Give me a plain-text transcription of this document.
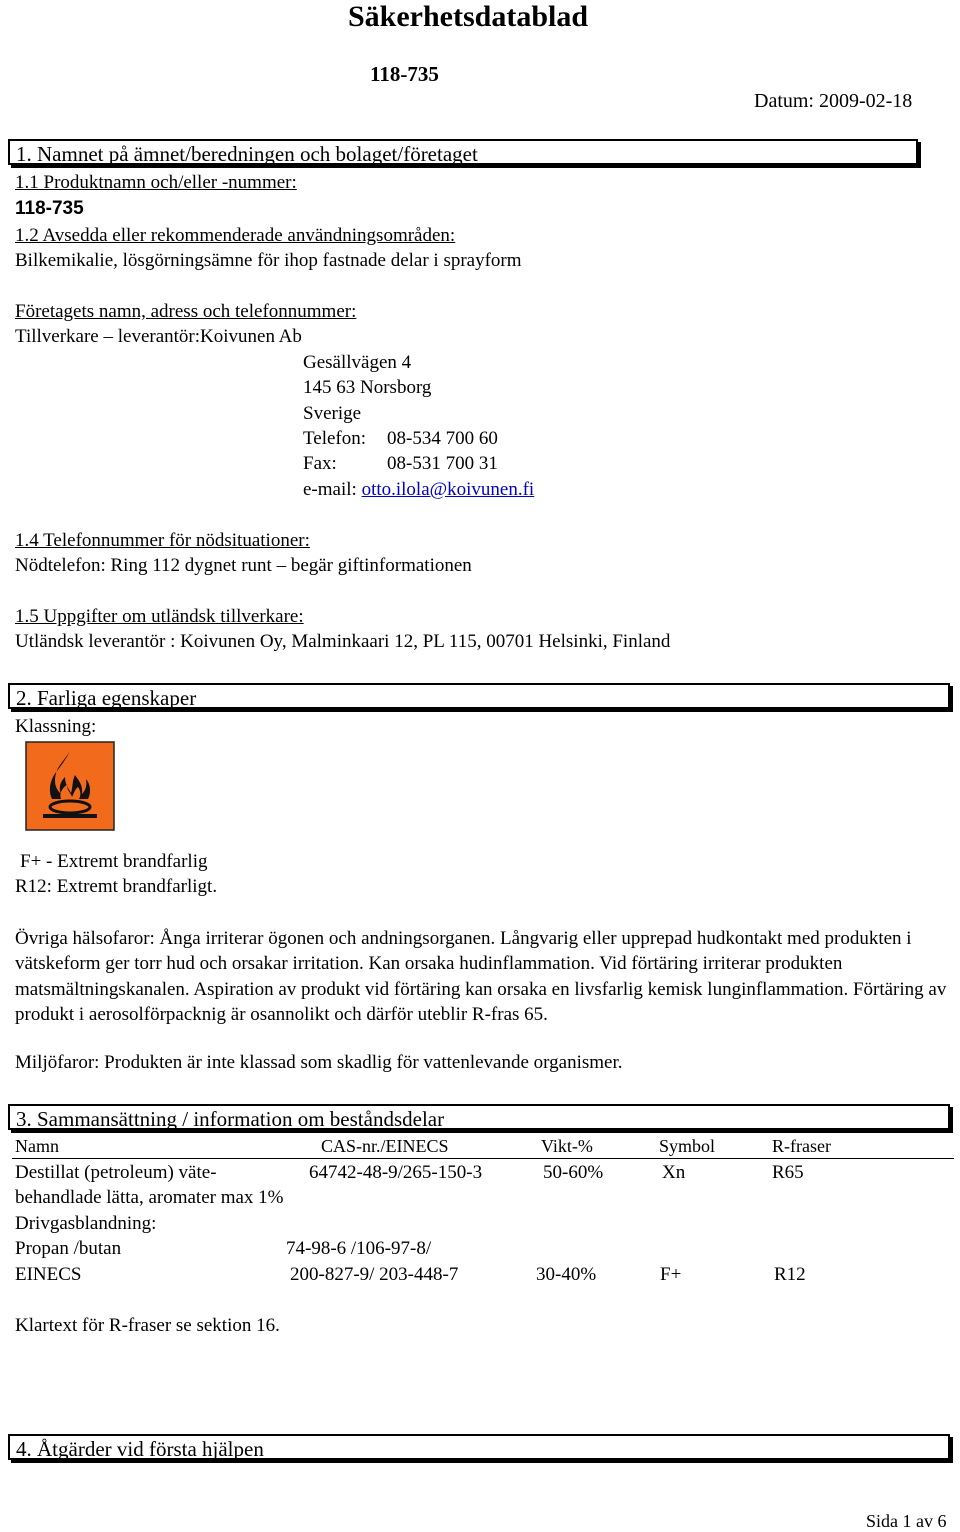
Säkerhetsdatablad
118-735
Datum: 2009-02-18
1. Namnet på ämnet/beredningen och bolaget/företaget
1.1 Produktnamn och/eller -nummer:
118-735
1.2 Avsedda eller rekommenderade användningsområden:
Bilkemikalie, lösgörningsämne för ihop fastnade delar i sprayform
Företagets namn, adress och telefonnummer:
Tillverkare – leverantör:Koivunen Ab
Gesällvägen 4
145 63 Norsborg
Sverige
Telefon: 08-534 700 60
Fax:	08-531 700 31
e-mail: otto.ilola@koivunen.fi
1.4 Telefonnummer för nödsituationer:
Nödtelefon: Ring 112 dygnet runt – begär giftinformationen
1.5 Uppgifter om utländsk tillverkare:
Utländsk leverantör : Koivunen Oy, Malminkaari 12, PL 115, 00701 Helsinki, Finland
2. Farliga egenskaper
Klassning:
F+ - Extremt brandfarlig
R12: Extremt brandfarligt.
Övriga hälsofaror: Ånga irriterar ögonen och andningsorganen. Långvarig eller upprepad hudkontakt med produkten i vätskeform ger torr hud och orsakar irritation. Kan orsaka hudinflammation. Vid förtäring irriterar produkten matsmältningskanalen. Aspiration av produkt vid förtäring kan orsaka en livsfarlig kemisk lunginflammation. Förtäring av produkt i aerosolförpacknig är osannolikt och därför uteblir R-fras 65.
Miljöfaror: Produkten är inte klassad som skadlig för vattenlevande organismer.
3. Sammansättning / information om beståndsdelar
Namn	CAS-nr./EINECS	Vikt-%	Symbol	R-fraser
Destillat (petroleum) väte-	64742-48-9/265-150-3	50-60%	Xn	R65
behandlade lätta, aromater max 1%
Drivgasblandning:
Propan /butan	74-98-6 /106-97-8/
EINECS	200-827-9/ 203-448-7	30-40%	F+	R12
Klartext för R-fraser se sektion 16.
4. Åtgärder vid första hjälpen
Sida 1 av 6
